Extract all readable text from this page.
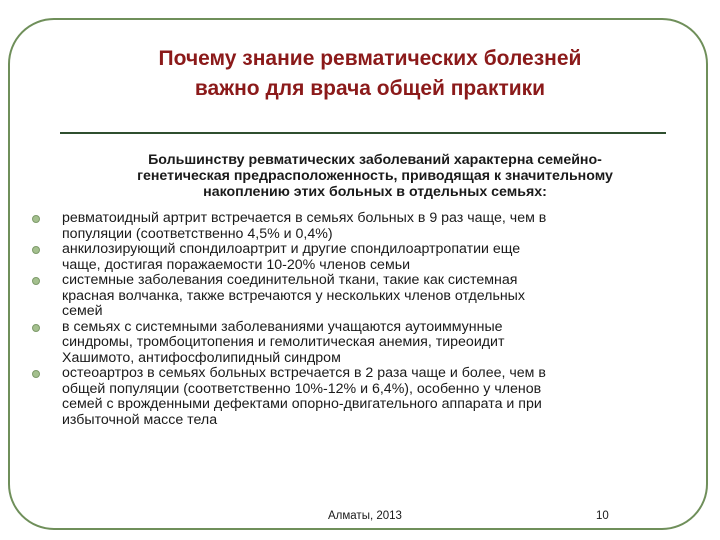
Почему знание ревматических болезней
важно для врача общей практики
Большинству ревматических заболеваний характерна семейно-
генетическая предрасположенность, приводящая к значительному
накоплению этих больных в отдельных семьях:
ревматоидный артрит встречается в семьях больных в 9 раз чаще, чем в
популяции (соответственно 4,5% и 0,4%)
анкилозирующий спондилоартрит и другие спондилоартропатии еще
чаще, достигая поражаемости 10-20% членов семьи
системные заболевания соединительной ткани, такие как системная
красная волчанка, также встречаются у нескольких членов отдельных
семей
в семьях с системными заболеваниями учащаются аутоиммунные
синдромы, тромбоцитопения и гемолитическая анемия, тиреоидит
Хашимото, антифосфолипидный синдром
остеоартроз в семьях больных встречается в 2 раза чаще и более, чем в
общей популяции (соответственно 10%-12% и 6,4%), особенно у членов
семей с врожденными дефектами опорно-двигательного аппарата и при
избыточной массе тела
Алматы, 2013	10
